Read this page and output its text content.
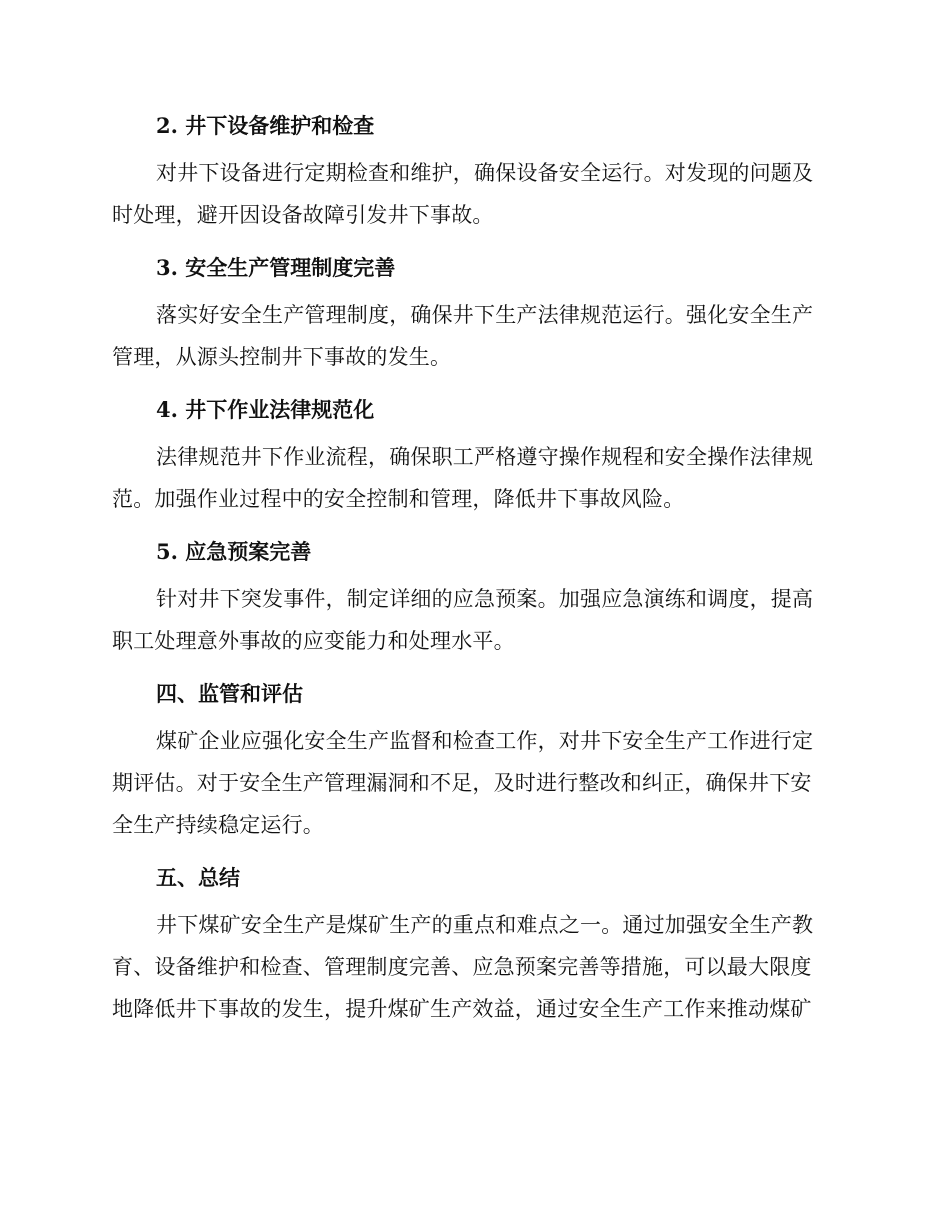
2. 井下设备维护和检查
对井下设备进行定期检查和维护，确保设备安全运行。对发现的问题及
时处理，避开因设备故障引发井下事故。
3. 安全生产管理制度完善
落实好安全生产管理制度，确保井下生产法律规范运行。强化安全生产
管理，从源头控制井下事故的发生。
4. 井下作业法律规范化
法律规范井下作业流程，确保职工严格遵守操作规程和安全操作法律规
范。加强作业过程中的安全控制和管理，降低井下事故风险。
5. 应急预案完善
针对井下突发事件，制定详细的应急预案。加强应急演练和调度，提高
职工处理意外事故的应变能力和处理水平。
四、监管和评估
煤矿企业应强化安全生产监督和检查工作，对井下安全生产工作进行定
期评估。对于安全生产管理漏洞和不足，及时进行整改和纠正，确保井下安
全生产持续稳定运行。
五、总结
井下煤矿安全生产是煤矿生产的重点和难点之一。通过加强安全生产教
育、设备维护和检查、管理制度完善、应急预案完善等措施，可以最大限度
地降低井下事故的发生，提升煤矿生产效益，通过安全生产工作来推动煤矿
